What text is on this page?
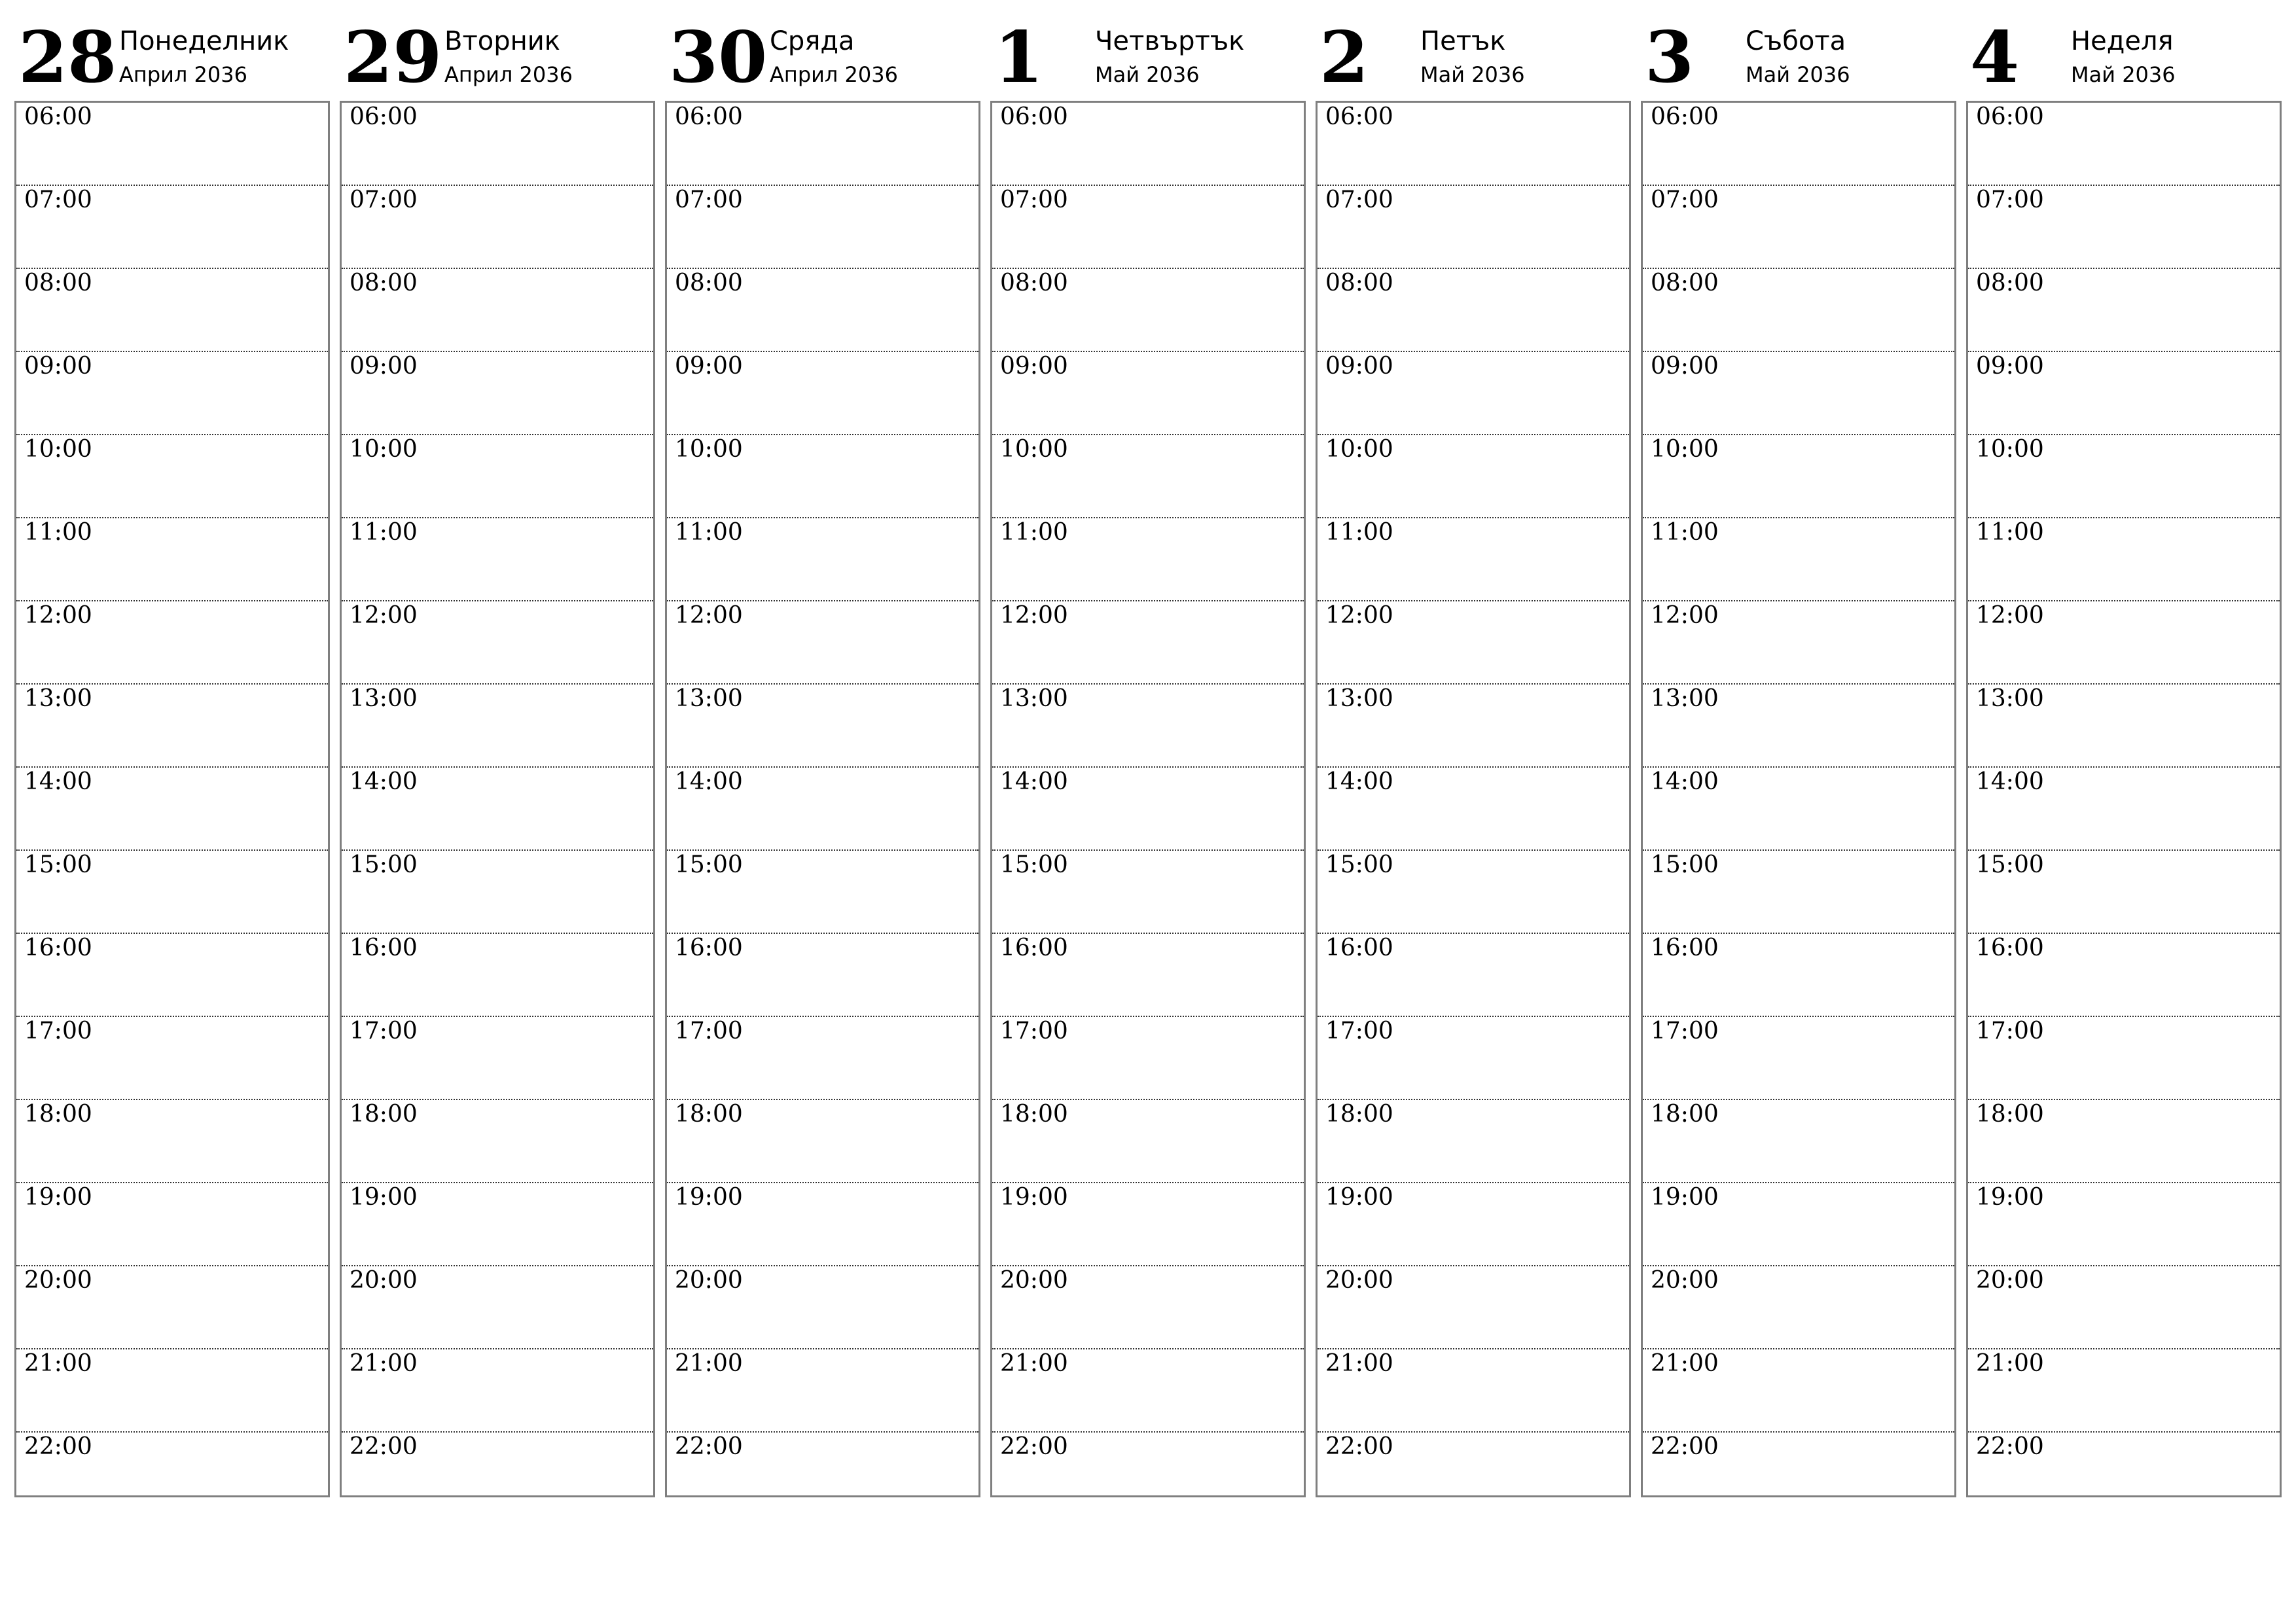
28 Понеделник
Април 2036
06:00
07:00
08:00
09:00
10:00
11:00
12:00
13:00
14:00
15:00
16:00
17:00
18:00
19:00
20:00
21:00
22:00
29 Вторник
Април 2036
06:00
07:00
08:00
09:00
10:00
11:00
12:00
13:00
14:00
15:00
16:00
17:00
18:00
19:00
20:00
21:00
22:00
30 Сряда
Април 2036
06:00
07:00
08:00
09:00
10:00
11:00
12:00
13:00
14:00
15:00
16:00
17:00
18:00
19:00
20:00
21:00
22:00
1 Четвъртък
Май 2036
06:00
07:00
08:00
09:00
10:00
11:00
12:00
13:00
14:00
15:00
16:00
17:00
18:00
19:00
20:00
21:00
22:00
2 Петък
Май 2036
06:00
07:00
08:00
09:00
10:00
11:00
12:00
13:00
14:00
15:00
16:00
17:00
18:00
19:00
20:00
21:00
22:00
3 Събота
Май 2036
06:00
07:00
08:00
09:00
10:00
11:00
12:00
13:00
14:00
15:00
16:00
17:00
18:00
19:00
20:00
21:00
22:00
4 Неделя
Май 2036
06:00
07:00
08:00
09:00
10:00
11:00
12:00
13:00
14:00
15:00
16:00
17:00
18:00
19:00
20:00
21:00
22:00
